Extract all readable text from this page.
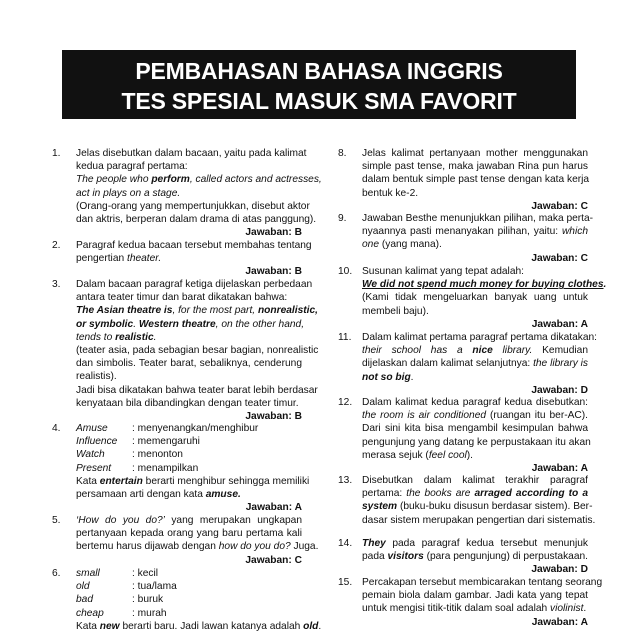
PEMBAHASAN BAHASA INGGRIS
TES SPESIAL MASUK SMA FAVORIT
1.	Jelas disebutkan dalam bacaan, yaitu pada kalimat
kedua paragraf pertama:
The people who perform, called actors and actresses,
act in plays on a stage.
(Orang-orang yang mempertunjukkan, disebut aktor
dan aktris, berperan dalam drama di atas panggung).
Jawaban: B
2.	Paragraf kedua bacaan tersebut membahas tentang
pengertian theater.
Jawaban: B
3.	Dalam bacaan paragraf ketiga dijelaskan perbedaan
antara teater timur dan barat dikatakan bahwa:
The Asian theatre is, for the most part, nonrealistic,
or symbolic. Western theatre, on the other hand,
tends to realistic.
(teater asia, pada sebagian besar bagian, nonrealistic
dan simbolis. Teater barat, sebaliknya, cenderung
realistis).
Jadi bisa dikatakan bahwa teater barat lebih berdasar
kenyataan bila dibandingkan dengan teater timur.
Jawaban: B
4.	Amuse : menyenangkan/menghibur
Influence : memengaruhi
Watch	: menonton
Present : menampilkan
Kata entertain berarti menghibur sehingga memiliki
persamaan arti dengan kata amuse.
Jawaban: A
5.	‘How do you do?’ yang merupakan ungkapan
pertanyaan kepada orang yang baru pertama kali
bertemu harus dijawab dengan how do you do? Juga.
Jawaban: C
6.	small	: kecil
old	: tua/lama
bad	: buruk
cheap	: murah
Kata new berarti baru. Jadi lawan katanya adalah old.
8.	Jelas kalimat pertanyaan mother menggunakan
simple past tense, maka jawaban Rina pun harus
dalam bentuk simple past tense dengan kata kerja
bentuk ke-2.
Jawaban: C
9.	Jawaban Besthe menunjukkan pilihan, maka perta-
nyaannya pasti menanyakan pilihan, yaitu: which
one (yang mana).
Jawaban: C
10. Susunan kalimat yang tepat adalah:
We did not spend much money for buying clothes.
(Kami tidak mengeluarkan banyak uang untuk
membeli baju).
Jawaban: A
11.	Dalam kalimat pertama paragraf pertama dikatakan:
their school has a nice library. Kemudian
dijelaskan dalam kalimat selanjutnya: the library is
not so big.
Jawaban: D
12. Dalam kalimat kedua paragraf kedua disebutkan:
the room is air conditioned (ruangan itu ber-AC).
Dari sini kita bisa mengambil kesimpulan bahwa
pengunjung yang datang ke perpustakaan itu akan
merasa sejuk (feel cool).
Jawaban: A
13. Disebutkan dalam kalimat terakhir paragraf
pertama: the books are arraged according to a
system (buku-buku disusun berdasar sistem). Ber-
dasar sistem merupakan pengertian dari sistematis.
14. They pada paragraf kedua tersebut menunjuk
pada visitors (para pengunjung) di perpustakaan.
Jawaban: D
15. Percakapan tersebut membicarakan tentang seorang
pemain biola dalam gambar. Jadi kata yang tepat
untuk mengisi titik-titik dalam soal adalah violinist.
Jawaban: A
